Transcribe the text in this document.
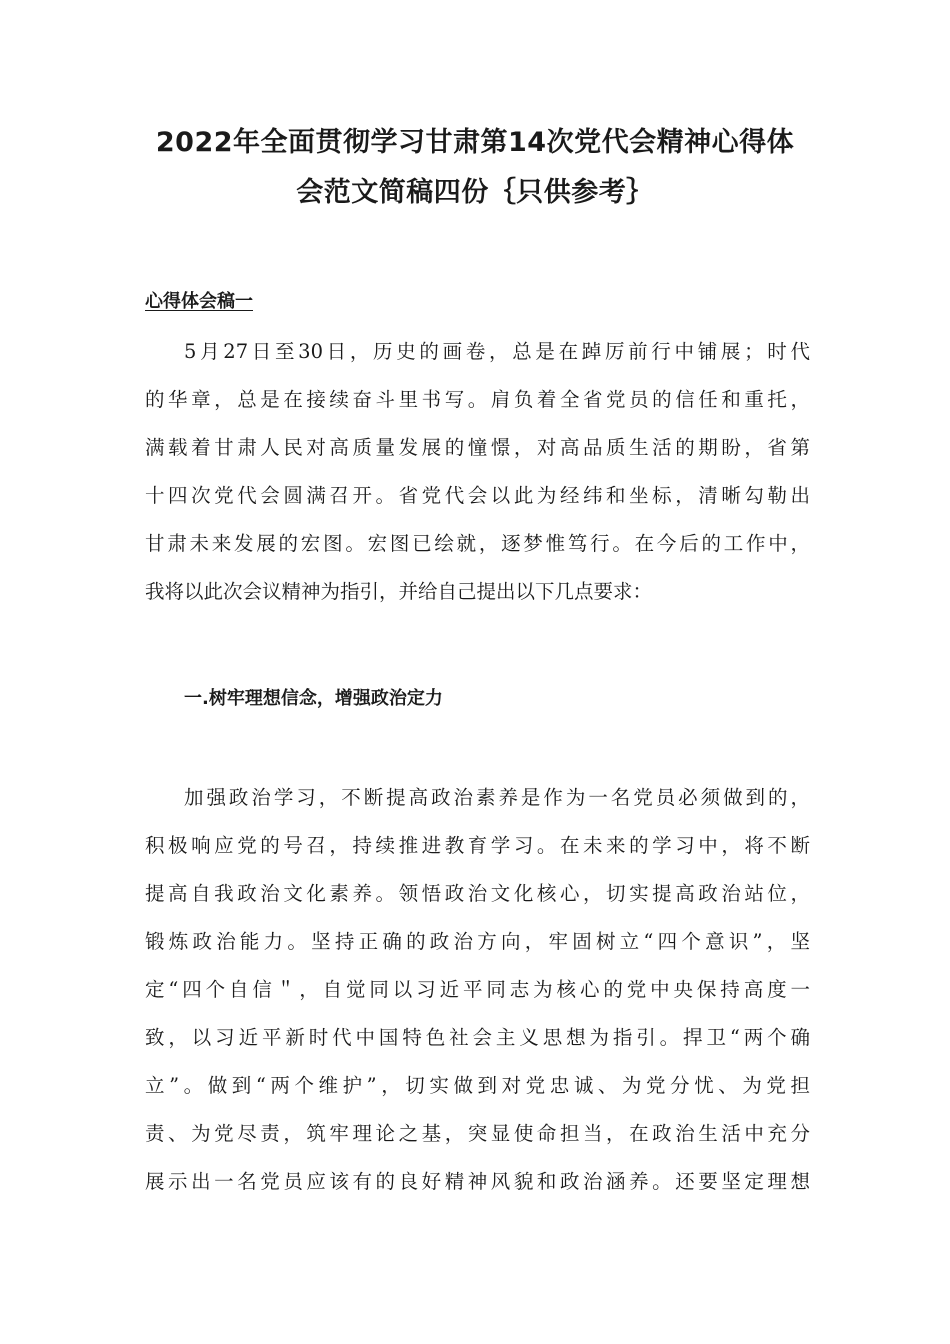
2022年全面贯彻学习甘肃第14次党代会精神心得体
会范文简稿四份｛只供参考｝
心得体会稿一
5月27日至30日，历史的画卷，总是在踔厉前行中铺展；时代
的华章，总是在接续奋斗里书写。肩负着全省党员的信任和重托，
满载着甘肃人民对高质量发展的憧憬，对高品质生活的期盼，省第
十四次党代会圆满召开。省党代会以此为经纬和坐标，清晰勾勒出
甘肃未来发展的宏图。宏图已绘就，逐梦惟笃行。在今后的工作中，
我将以此次会议精神为指引，并给自己提出以下几点要求：
一.树牢理想信念，增强政治定力
加强政治学习，不断提高政治素养是作为一名党员必须做到的，
积极响应党的号召，持续推进教育学习。在未来的学习中，将不断
提高自我政治文化素养。领悟政治文化核心，切实提高政治站位，
锻炼政治能力。坚持正确的政治方向，牢固树立“四个意识”，坚
定“四个自信＂，自觉同以习近平同志为核心的党中央保持高度一
致，以习近平新时代中国特色社会主义思想为指引。捍卫“两个确
立”。做到“两个维护”，切实做到对党忠诚、为党分忧、为党担
责、为党尽责，筑牢理论之基，突显使命担当，在政治生活中充分
展示出一名党员应该有的良好精神风貌和政治涵养。还要坚定理想
